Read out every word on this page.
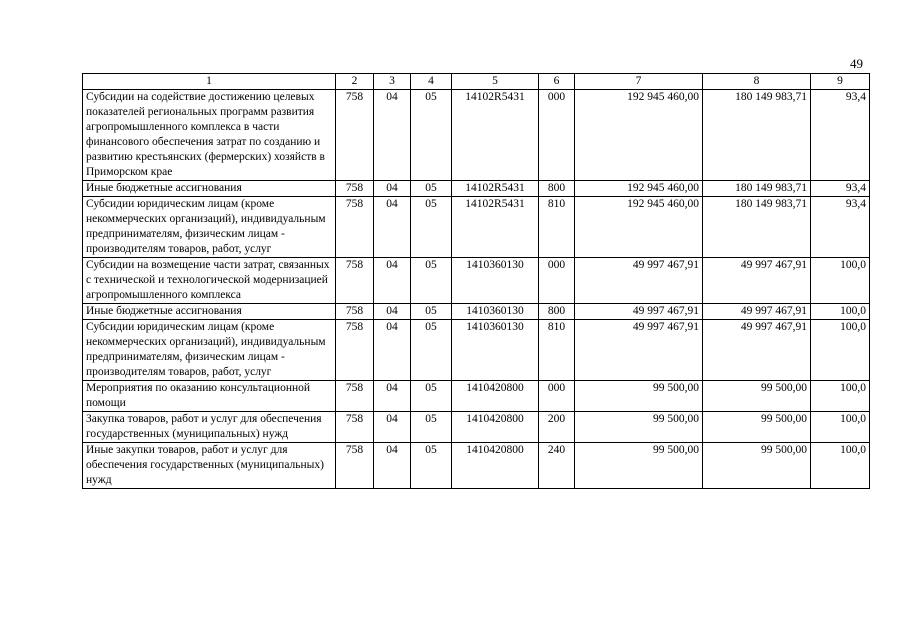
49
1	2	3	4	5	6	7	8	9
Субсидии на содействие достижению целевых показателей региональных программ развития агропромышленного комплекса в части финансового обеспечения затрат по созданию и развитию крестьянских (фермерских) хозяйств в Приморском крае	758	04	05	14102R5431	000	192 945 460,00	180 149 983,71	93,4
Иные бюджетные ассигнования	758	04	05	14102R5431	800	192 945 460,00	180 149 983,71	93,4
Субсидии юридическим лицам (кроме некоммерческих организаций), индивидуальным предпринимателям, физическим лицам - производителям товаров, работ, услуг	758	04	05	14102R5431	810	192 945 460,00	180 149 983,71	93,4
Субсидии на возмещение части затрат, связанных с технической и технологической модернизацией агропромышленного комплекса	758	04	05	1410360130	000	49 997 467,91	49 997 467,91	100,0
Иные бюджетные ассигнования	758	04	05	1410360130	800	49 997 467,91	49 997 467,91	100,0
Субсидии юридическим лицам (кроме некоммерческих организаций), индивидуальным предпринимателям, физическим лицам - производителям товаров, работ, услуг	758	04	05	1410360130	810	49 997 467,91	49 997 467,91	100,0
Мероприятия по оказанию консультационной помощи	758	04	05	1410420800	000	99 500,00	99 500,00	100,0
Закупка товаров, работ и услуг для обеспечения государственных (муниципальных) нужд	758	04	05	1410420800	200	99 500,00	99 500,00	100,0
Иные закупки товаров, работ и услуг для обеспечения государственных (муниципальных) нужд	758	04	05	1410420800	240	99 500,00	99 500,00	100,0
